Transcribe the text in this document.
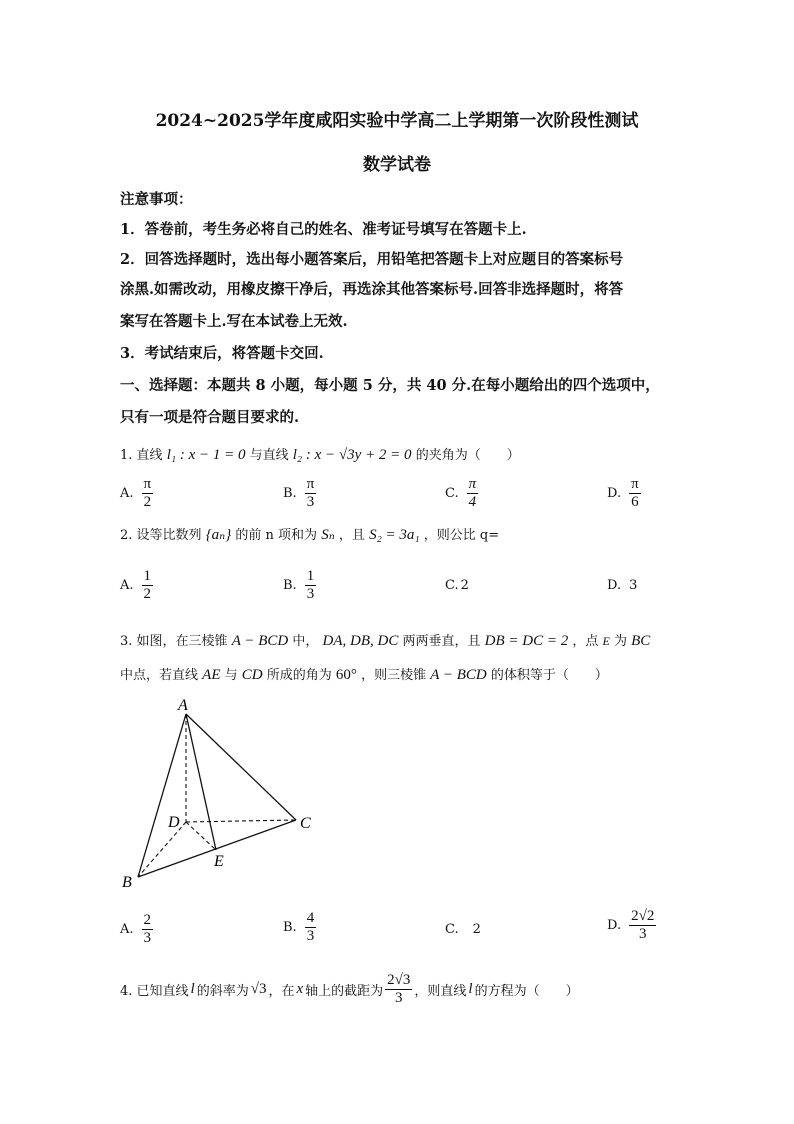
2024~2025学年度咸阳实验中学高二上学期第一次阶段性测试
数学试卷
注意事项：
1．答卷前，考生务必将自己的姓名、准考证号填写在答题卡上.
2．回答选择题时，选出每小题答案后，用铅笔把答题卡上对应题目的答案标号
涂黑.如需改动，用橡皮擦干净后，再选涂其他答案标号.回答非选择题时，将答
案写在答题卡上.写在本试卷上无效.
3．考试结束后，将答题卡交回.
一、选择题：本题共 8 小题，每小题 5 分，共 40 分.在每小题给出的四个选项中，
只有一项是符合题目要求的.
1. 直线 l₁ : x − 1 = 0 与直线 l₂ : x − √3y + 2 = 0 的夹角为（　　）
A. $\frac{\pi}{2}$	B. $\frac{\pi}{3}$	C. $\frac{\pi}{4}$	D. $\frac{\pi}{6}$
2. 设等比数列 {aₙ} 的前 n 项和为 Sₙ ，且 S₂ = 3a₁ ，则公比 q=
A. $\frac{1}{2}$	B. $\frac{1}{3}$	C. 2	D. 3
3. 如图，在三棱锥 A − BCD 中， DA, DB, DC 两两垂直，且 DB = DC = 2 ，点 E 为 BC
中点，若直线 AE 与 CD 所成的角为 60° ，则三棱锥 A − BCD 的体积等于（　　）
A
B
C
D
E
A. $\frac{2}{3}$	B. $\frac{4}{3}$	C. 2	D. $\frac{2√2}{3}$
4. 已知直线 l 的斜率为 √3 ，在 x 轴上的截距为 $\frac{2√3}{3}$ ，则直线 l 的方程为（　　）
